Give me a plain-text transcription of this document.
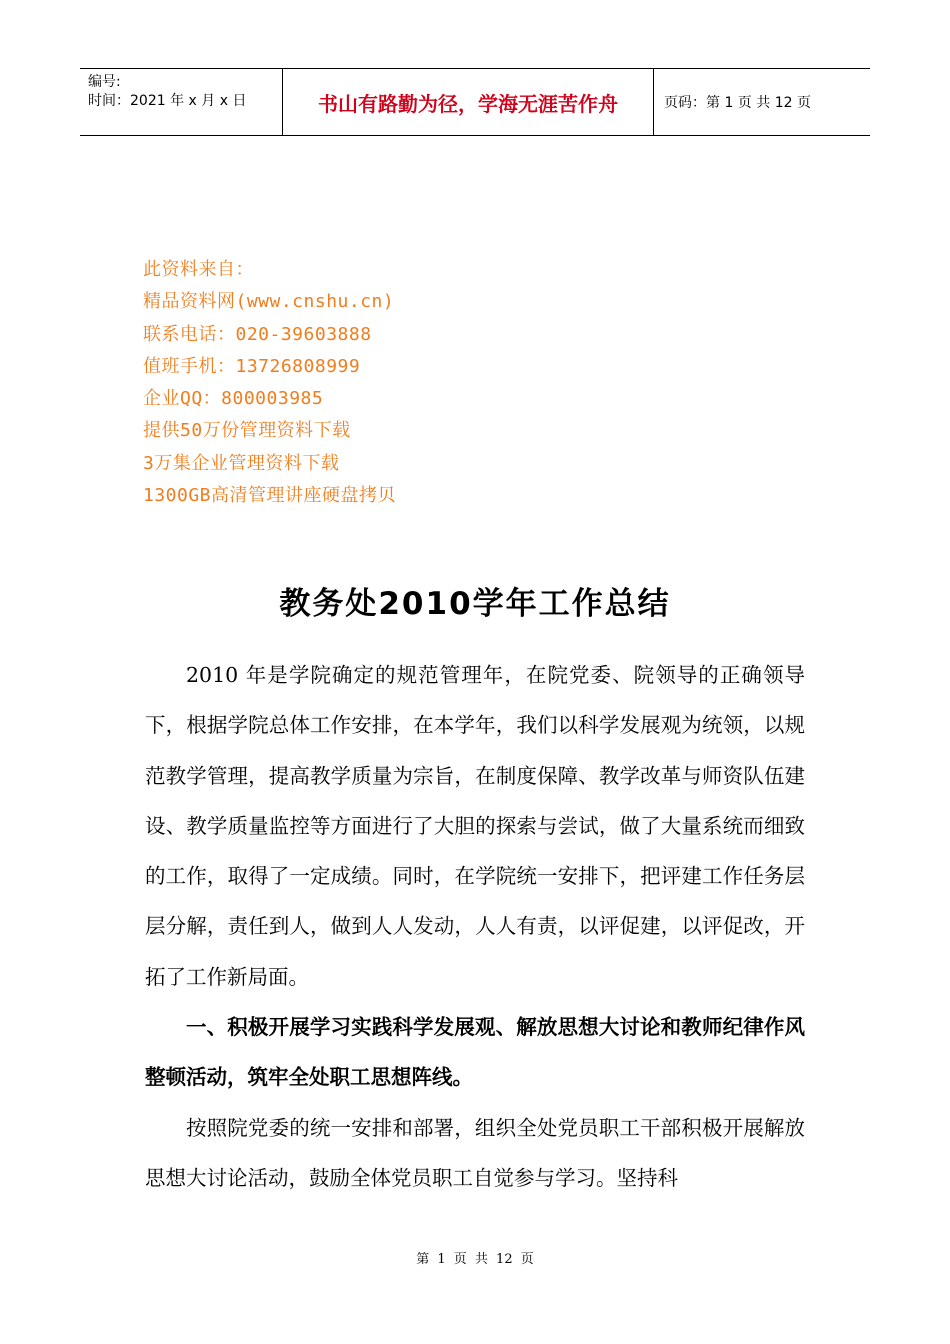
编号:
时间：2021 年 x 月 x 日	书山有路勤为径，学海无涯苦作舟	页码：第 1 页 共 12 页
此资料来自：
精品资料网(www.cnshu.cn)
联系电话：020-39603888
值班手机：13726808999
企业QQ：800003985
提供50万份管理资料下载
3万集企业管理资料下载
1300GB高清管理讲座硬盘拷贝
教务处2010学年工作总结

2010 年是学院确定的规范管理年，在院党委、院领导的正确领导下，根据学院总体工作安排，在本学年，我们以科学发展观为统领，以规范教学管理，提高教学质量为宗旨，在制度保障、教学改革与师资队伍建设、教学质量监控等方面进行了大胆的探索与尝试，做了大量系统而细致的工作，取得了一定成绩。同时，在学院统一安排下，把评建工作任务层层分解，责任到人，做到人人发动，人人有责，以评促建，以评促改，开拓了工作新局面。

一、积极开展学习实践科学发展观、解放思想大讨论和教师纪律作风整顿活动，筑牢全处职工思想阵线。

按照院党委的统一安排和部署，组织全处党员职工干部积极开展解放思想大讨论活动，鼓励全体党员职工自觉参与学习。坚持科

第 1 页 共 12 页
